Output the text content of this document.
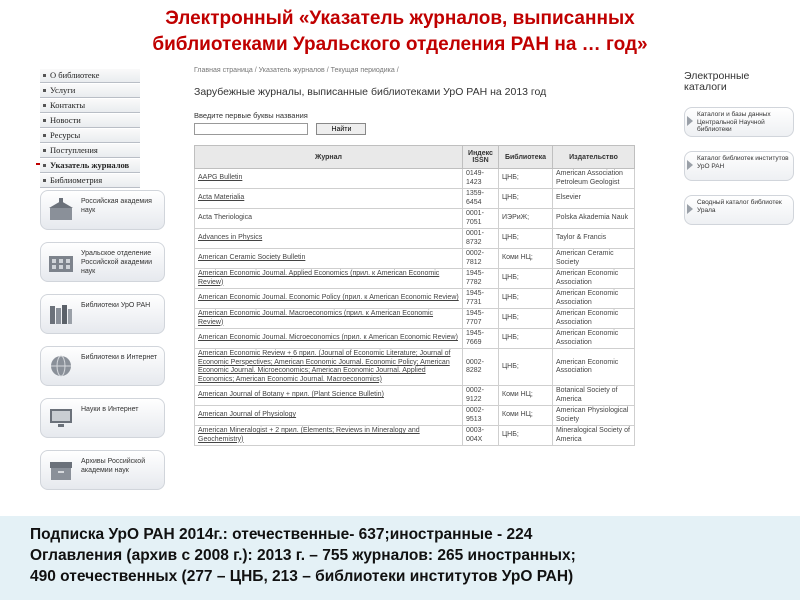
Электронный «Указатель журналов, выписанных
библиотеками Уральского отделения РАН на … год»
О библиотеке
Услуги
Контакты
Новости
Ресурсы
Поступления
Указатель журналов
Библиометрия
Российская академия наук
Уральское отделение Российской академии наук
Библиотеки УрО РАН
Библиотеки в Интернет
Науки в Интернет
Архивы Российской академии наук
Главная страница / Указатель журналов / Текущая периодика /
Зарубежные журналы, выписанные библиотеками УрО РАН на 2013 год
Введите первые буквы названия
Найти
Журнал	Индекс ISSN	Библиотека	Издательство
AAPG Bulletin	0149-1423	ЦНБ;	American Association Petroleum Geologist
Acta Materialia	1359-6454	ЦНБ;	Elsevier
Acta Theriologica	0001-7051	ИЭРиЖ;	Polska Akademia Nauk
Advances in Physics	0001-8732	ЦНБ;	Taylor & Francis
American Ceramic Society Bulletin	0002-7812	Коми НЦ;	American Ceramic Society
American Economic Journal. Applied Economics (прил. к American Economic Review)	1945-7782	ЦНБ;	American Economic Association
American Economic Journal. Economic Policy (прил. к American Economic Review)	1945-7731	ЦНБ;	American Economic Association
American Economic Journal. Macroeconomics (прил. к American Economic Review)	1945-7707	ЦНБ;	American Economic Association
American Economic Journal. Microeconomics (прил. к American Economic Review)	1945-7669	ЦНБ;	American Economic Association
American Economic Review + 6 прил. (Journal of Economic Literature; Journal of Economic Perspectives; American Economic Journal. Economic Policy; American Economic Journal. Microeconomics; American Economic Journal. Applied Economics; American Economic Journal. Macroeconomics)	0002-8282	ЦНБ;	American Economic Association
American Journal of Botany + прил. (Plant Science Bulletin)	0002-9122	Коми НЦ;	Botanical Society of America
American Journal of Physiology	0002-9513	Коми НЦ;	American Physiological Society
American Mineralogist + 2 прил. (Elements; Reviews in Mineralogy and Geochemistry)	0003-004X	ЦНБ;	Mineralogical Society of America
Электронные каталоги
Каталоги и базы данных Центральной Научной библиотеки
Каталог библиотек институтов УрО РАН
Сводный каталог библиотек Урала

Подписка УрО РАН 2014г.: отечественные- 637;иностранные - 224

Оглавления (архив с 2008 г.): 2013 г. – 755 журналов: 265 иностранных;

490 отечественных (277 – ЦНБ, 213 – библиотеки институтов УрО РАН)
